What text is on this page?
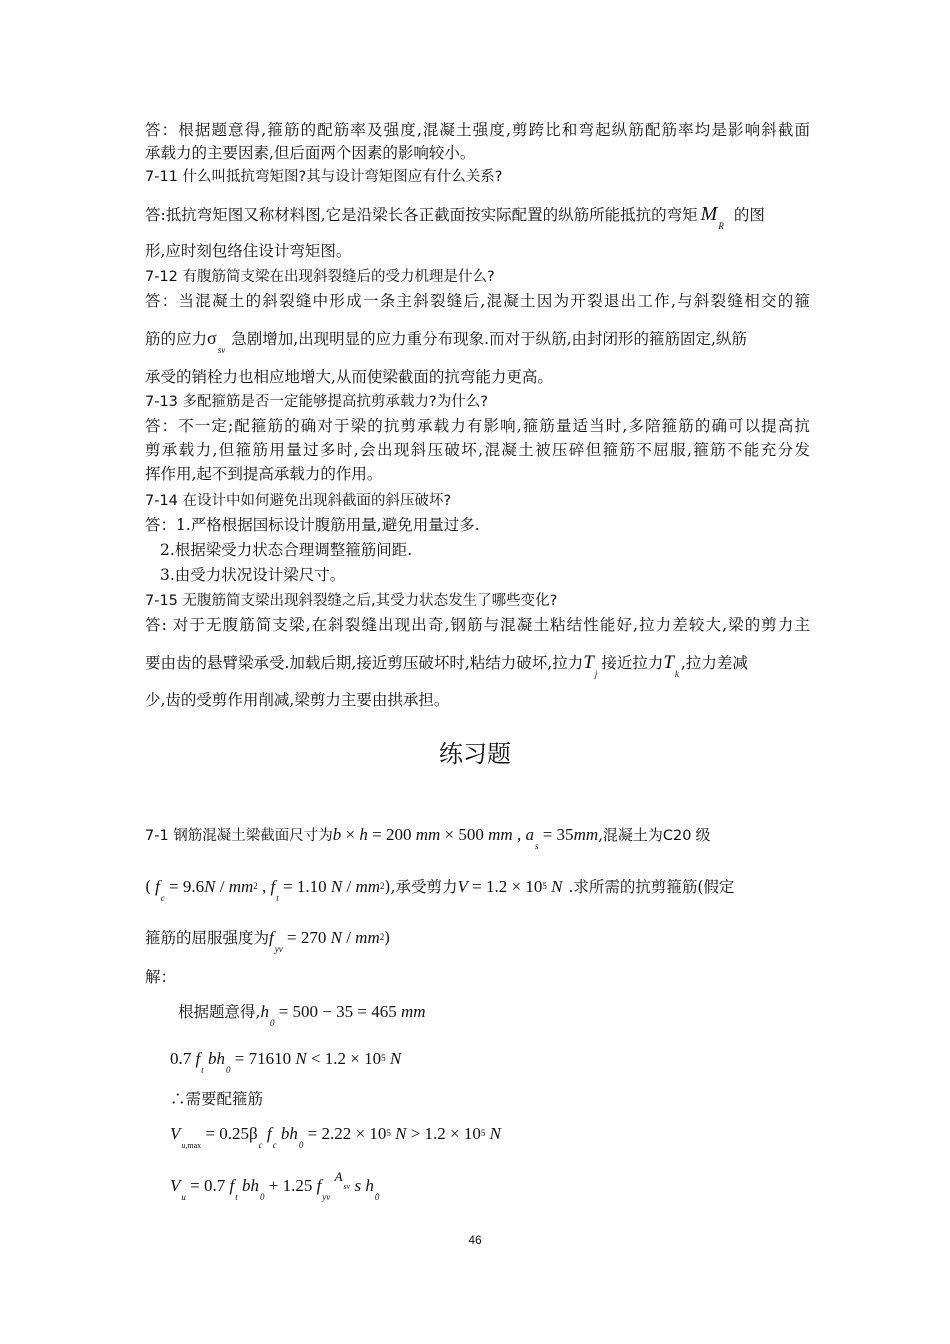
答：根据题意得,箍筋的配筋率及强度,混凝土强度,剪跨比和弯起纵筋配筋率均是影响斜截面
承载力的主要因素,但后面两个因素的影响较小。
7-11 什么叫抵抗弯矩图?其与设计弯矩图应有什么关系?
答:抵抗弯矩图又称材料图,它是沿梁长各正截面按实际配置的纵筋所能抵抗的弯矩 $M_R$的图
形,应时刻包络住设计弯矩图。
7-12 有腹筋简支梁在出现斜裂缝后的受力机理是什么?
答：当混凝土的斜裂缝中形成一条主斜裂缝后,混凝土因为开裂退出工作,与斜裂缝相交的箍
筋的应力$\sigma_{sv}$急剧增加,出现明显的应力重分布现象.而对于纵筋,由封闭形的箍筋固定,纵筋
承受的销栓力也相应地增大,从而使梁截面的抗弯能力更高。
7-13 多配箍筋是否一定能够提高抗剪承载力?为什么?
答：不一定;配箍筋的确对于梁的抗剪承载力有影响,箍筋量适当时,多陪箍筋的确可以提高抗
剪承载力,但箍筋用量过多时,会出现斜压破坏,混凝土被压碎但箍筋不屈服,箍筋不能充分发
挥作用,起不到提高承载力的作用。
7-14 在设计中如何避免出现斜截面的斜压破坏?
答：1.严格根据国标设计腹筋用量,避免用量过多.
2.根据梁受力状态合理调整箍筋间距.
3.由受力状况设计梁尺寸。
7-15 无腹筋简支梁出现斜裂缝之后,其受力状态发生了哪些变化?
答: 对于无腹筋简支梁,在斜裂缝出现出奇,钢筋与混凝土粘结性能好,拉力差较大,梁的剪力主
要由齿的悬臂梁承受.加载后期,接近剪压破坏时,粘结力破坏,拉力$T_j$接近拉力$T_k$,拉力差减
少,齿的受剪作用削减,梁剪力主要由拱承担。
练习题
7-1 钢筋混凝土梁截面尺寸为b × h = 200 mm × 500 mm , $a_s = 35mm$,混凝土为C20 级
( $f_c = 9.6N / mm2$ , $f_t = 1.10$ N / mm2),承受剪力V = 1.2 × 105 N .求所需的抗剪箍筋(假定
箍筋的屈服强度为$f_{yv} = 270$ N / mm2)
解：
根据题意得$,h_0 = 500 - 35 = 465$ mm
0.7 $f_t$ $bh_0 = 71610$ N < 1.2 × 105 N
∴需要配箍筋
$V_{u,max} = 0.25\beta_c$ $f_c$ $bh_0 = 2.22 \times 105$ N > 1.2 × 105 N
$V_u = 0.7$ $f_t$ $bh_0 + 1.25$ $f_{yv}$ $^A$sv s $h_0$
46
